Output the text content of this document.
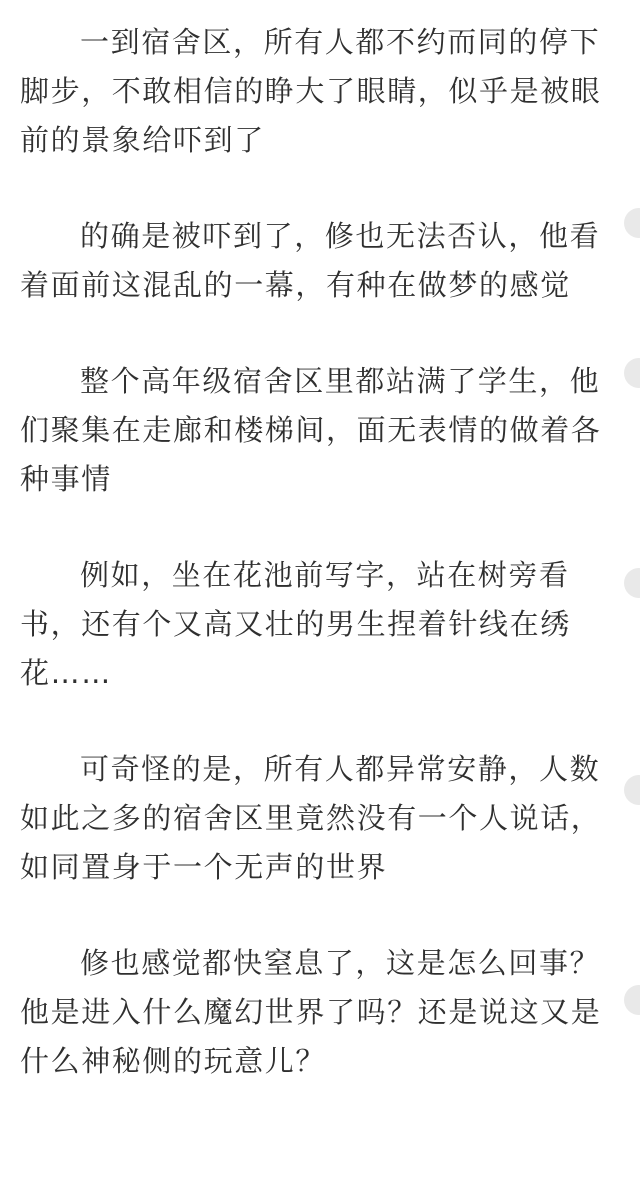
一到宿舍区，所有人都不约而同的停下脚步，不敢相信的睁大了眼睛，似乎是被眼前的景象给吓到了

的确是被吓到了，修也无法否认，他看着面前这混乱的一幕，有种在做梦的感觉

整个高年级宿舍区里都站满了学生，他们聚集在走廊和楼梯间，面无表情的做着各种事情

例如，坐在花池前写字，站在树旁看书，还有个又高又壮的男生捏着针线在绣花……

可奇怪的是，所有人都异常安静，人数如此之多的宿舍区里竟然没有一个人说话，如同置身于一个无声的世界

修也感觉都快窒息了，这是怎么回事？他是进入什么魔幻世界了吗？还是说这又是什么神秘侧的玩意儿？
